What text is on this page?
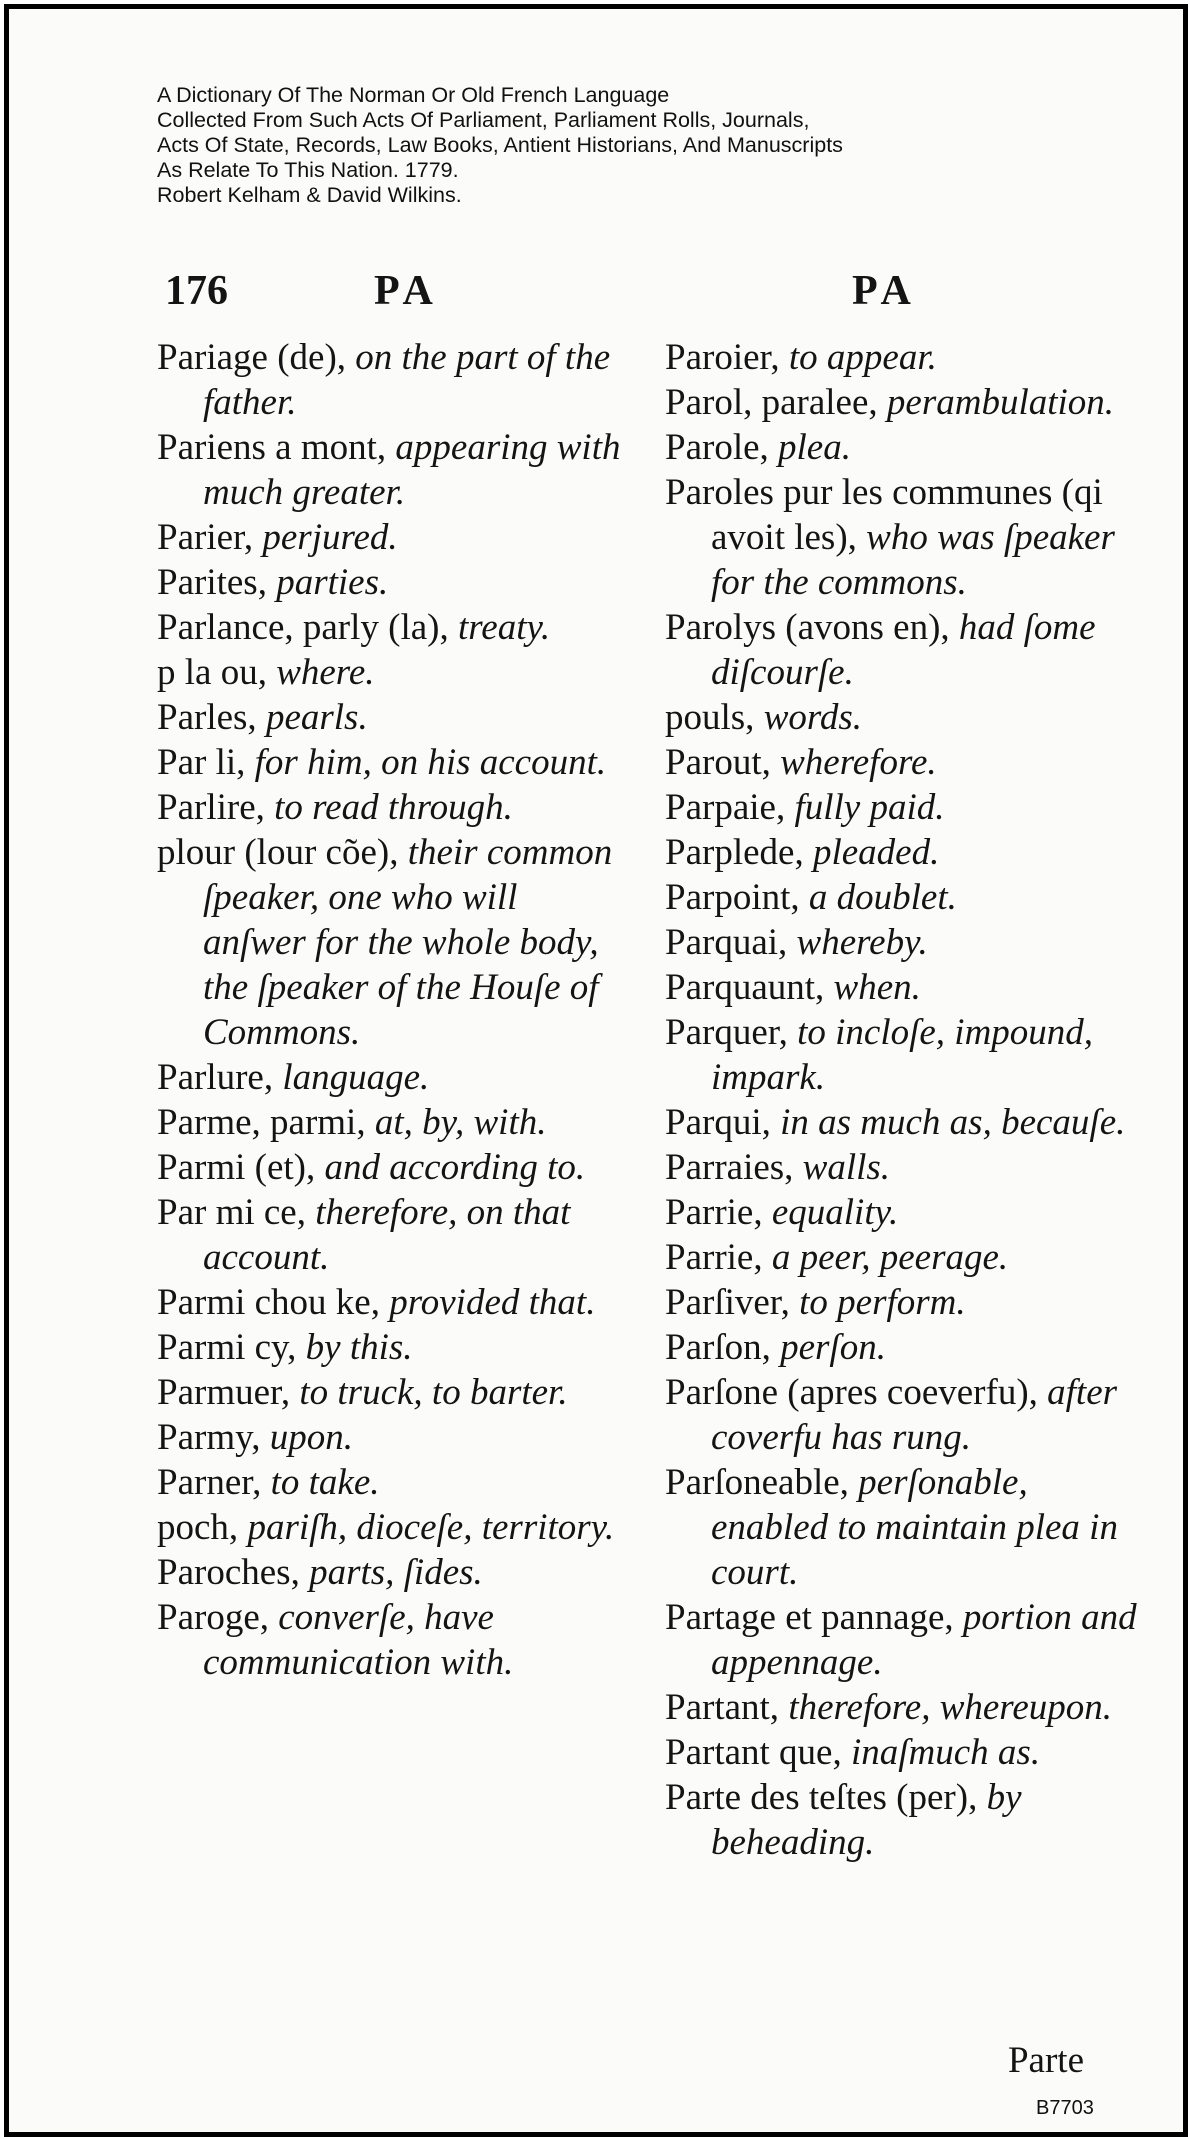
A Dictionary Of The Norman Or Old French Language
Collected From Such Acts Of Parliament, Parliament Rolls, Journals,
Acts Of State, Records, Law Books, Antient Historians, And Manuscripts
As Relate To This Nation. 1779.
Robert Kelham & David Wilkins.
176	PA	PA
Pariage (de), on the part of the father.
Pariens a mont, appearing with much greater.
Parier, perjured.
Parites, parties.
Parlance, parly (la), treaty.
p la ou, where.
Parles, pearls.
Par li, for him, on his account.
Parlire, to read through.
plour (lour cõe), their common ſpeaker, one who will anſwer for the whole body, the ſpeaker of the Houſe of Commons.
Parlure, language.
Parme, parmi, at, by, with.
Parmi (et), and according to.
Par mi ce, therefore, on that account.
Parmi chou ke, provided that.
Parmi cy, by this.
Parmuer, to truck, to barter.
Parmy, upon.
Parner, to take.
poch, pariſh, dioceſe, territory.
Paroches, parts, ſides.
Paroge, converſe, have communication with.
Paroier, to appear.
Parol, paralee, perambulation.
Parole, plea.
Paroles pur les communes (qi avoit les), who was ſpeaker for the commons.
Parolys (avons en), had ſome diſcourſe.
pouls, words.
Parout, wherefore.
Parpaie, fully paid.
Parplede, pleaded.
Parpoint, a doublet.
Parquai, whereby.
Parquaunt, when.
Parquer, to incloſe, impound, impark.
Parqui, in as much as, becauſe.
Parraies, walls.
Parrie, equality.
Parrie, a peer, peerage.
Parſiver, to perform.
Parſon, perſon.
Parſone (apres coeverfu), after coverfu has rung.
Parſoneable, perſonable, enabled to maintain plea in court.
Partage et pannage, portion and appennage.
Partant, therefore, whereupon.
Partant que, inaſmuch as.
Parte des teſtes (per), by beheading.
Parte
B7703
